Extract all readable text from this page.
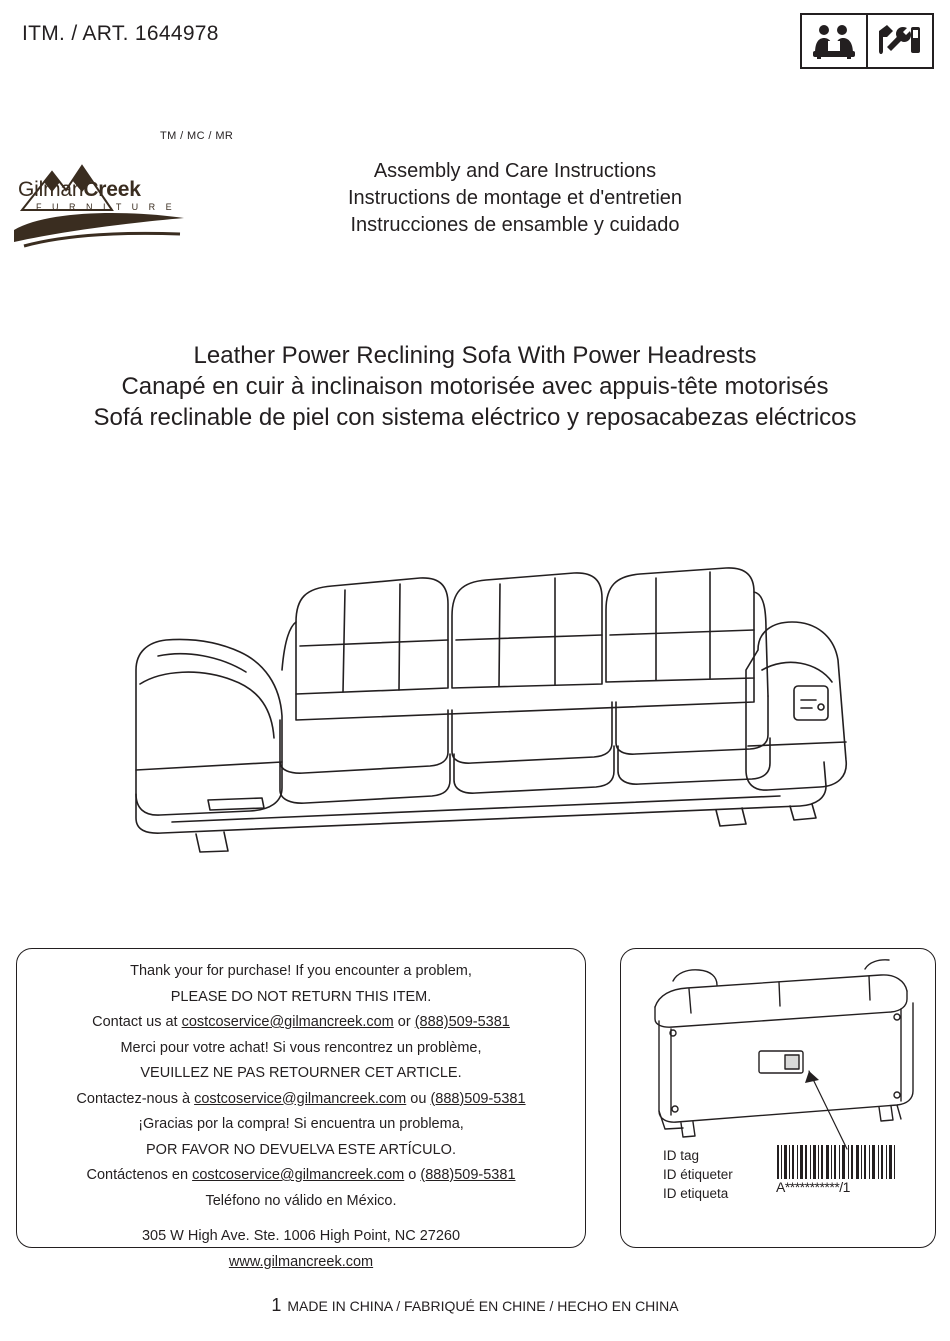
ITM. / ART. 1644978
GilmanCreek
F U R N I T U R E
TM / MC / MR
Assembly and Care Instructions
Instructions de montage et d'entretien
Instrucciones de ensamble y cuidado
Leather Power Reclining Sofa With Power Headrests
Canapé en cuir à inclinaison motorisée avec appuis-tête motorisés
Sofá reclinable de piel con sistema eléctrico y reposacabezas eléctricos

Thank your for purchase! If you encounter a problem,

PLEASE DO NOT RETURN THIS ITEM.

Contact us at costcoservice@gilmancreek.com or (888)509-5381

Merci pour votre achat! Si vous rencontrez un problème,

VEUILLEZ NE PAS RETOURNER CET ARTICLE.

Contactez-nous à costcoservice@gilmancreek.com ou (888)509-5381

¡Gracias por la compra! Si encuentra un problema,

POR FAVOR NO DEVUELVA ESTE ARTÍCULO.

Contáctenos en costcoservice@gilmancreek.com o (888)509-5381

Teléfono no válido en México.

305 W High Ave. Ste. 1006 High Point, NC 27260

www.gilmancreek.com

ID tag
ID étiqueter
ID etiqueta	A***********/1
1 MADE IN CHINA / FABRIQUÉ EN CHINE / HECHO EN CHINA
